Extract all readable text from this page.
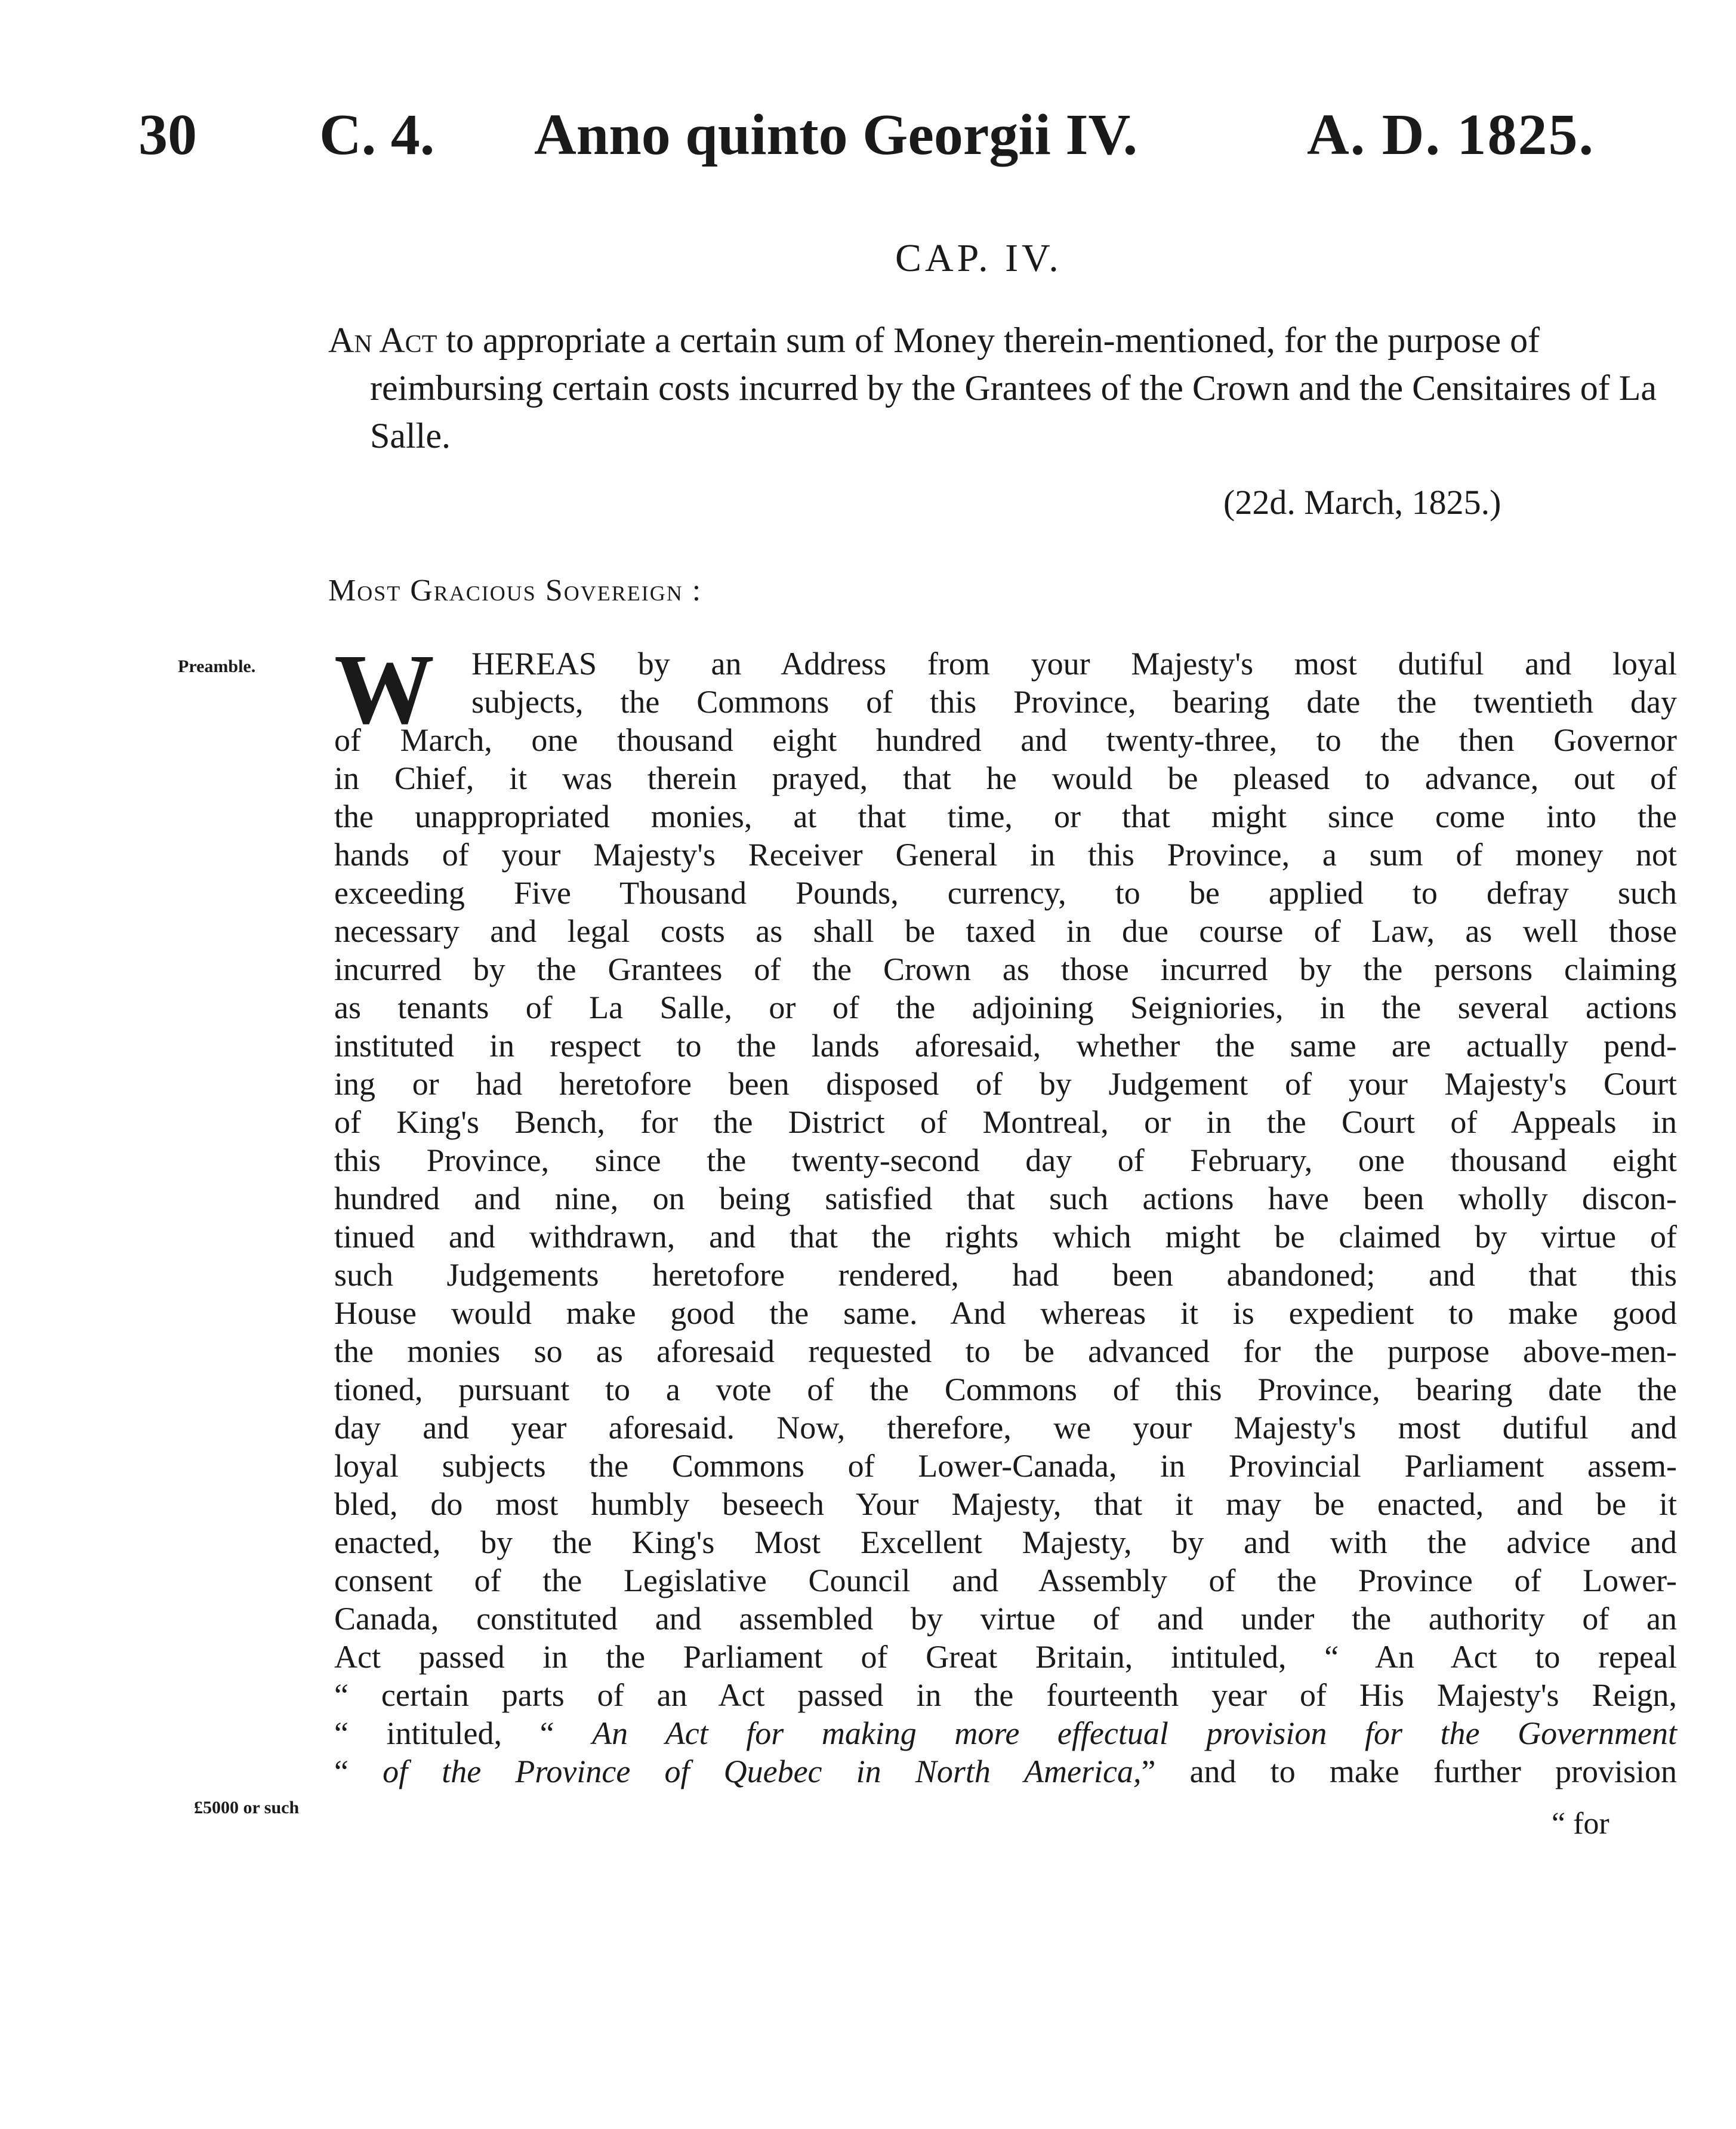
30 C. 4. Anno quinto Georgii IV.	A. D. 1825.
CAP. IV.
An Act to appropriate a certain sum of Money therein-mentioned, for the purpose of reimbursing certain costs incurred by the Grantees of the Crown and the Censitaires of La Salle.
(22d. March, 1825.)
Most Gracious Sovereign :
Preamble.
£5000 or such
W	HEREAS by an Address from your Majesty's most dutiful and loyal
subjects, the Commons of this Province, bearing date the twentieth day
of March, one thousand eight hundred and twenty-three, to the then Governor
in Chief, it was therein prayed, that he would be pleased to advance, out of
the unappropriated monies, at that time, or that might since come into the
hands of your Majesty's Receiver General in this Province, a sum of money not
exceeding Five Thousand Pounds, currency, to be applied to defray such
necessary and legal costs as shall be taxed in due course of Law, as well those
incurred by the Grantees of the Crown as those incurred by the persons claiming
as tenants of La Salle, or of the adjoining Seigniories, in the several actions
instituted in respect to the lands aforesaid, whether the same are actually pend-
ing or had heretofore been disposed of by Judgement of your Majesty's Court
of King's Bench, for the District of Montreal, or in the Court of Appeals in
this Province, since the twenty-second day of February, one thousand eight
hundred and nine, on being satisfied that such actions have been wholly discon-
tinued and withdrawn, and that the rights which might be claimed by virtue of
such Judgements heretofore rendered, had been abandoned; and that this
House would make good the same. And whereas it is expedient to make good
the monies so as aforesaid requested to be advanced for the purpose above-men-
tioned, pursuant to a vote of the Commons of this Province, bearing date the
day and year aforesaid. Now, therefore, we your Majesty's most dutiful and
loyal subjects the Commons of Lower-Canada, in Provincial Parliament assem-
bled, do most humbly beseech Your Majesty, that it may be enacted, and be it
enacted, by the King's Most Excellent Majesty, by and with the advice and
consent of the Legislative Council and Assembly of the Province of Lower-
Canada, constituted and assembled by virtue of and under the authority of an
Act passed in the Parliament of Great Britain, intituled, “ An Act to repeal
“ certain parts of an Act passed in the fourteenth year of His Majesty's Reign,
“ intituled, “ An Act for making more effectual provision for the Government
“ of the Province of Quebec in North America,” and to make further provision
“ for
